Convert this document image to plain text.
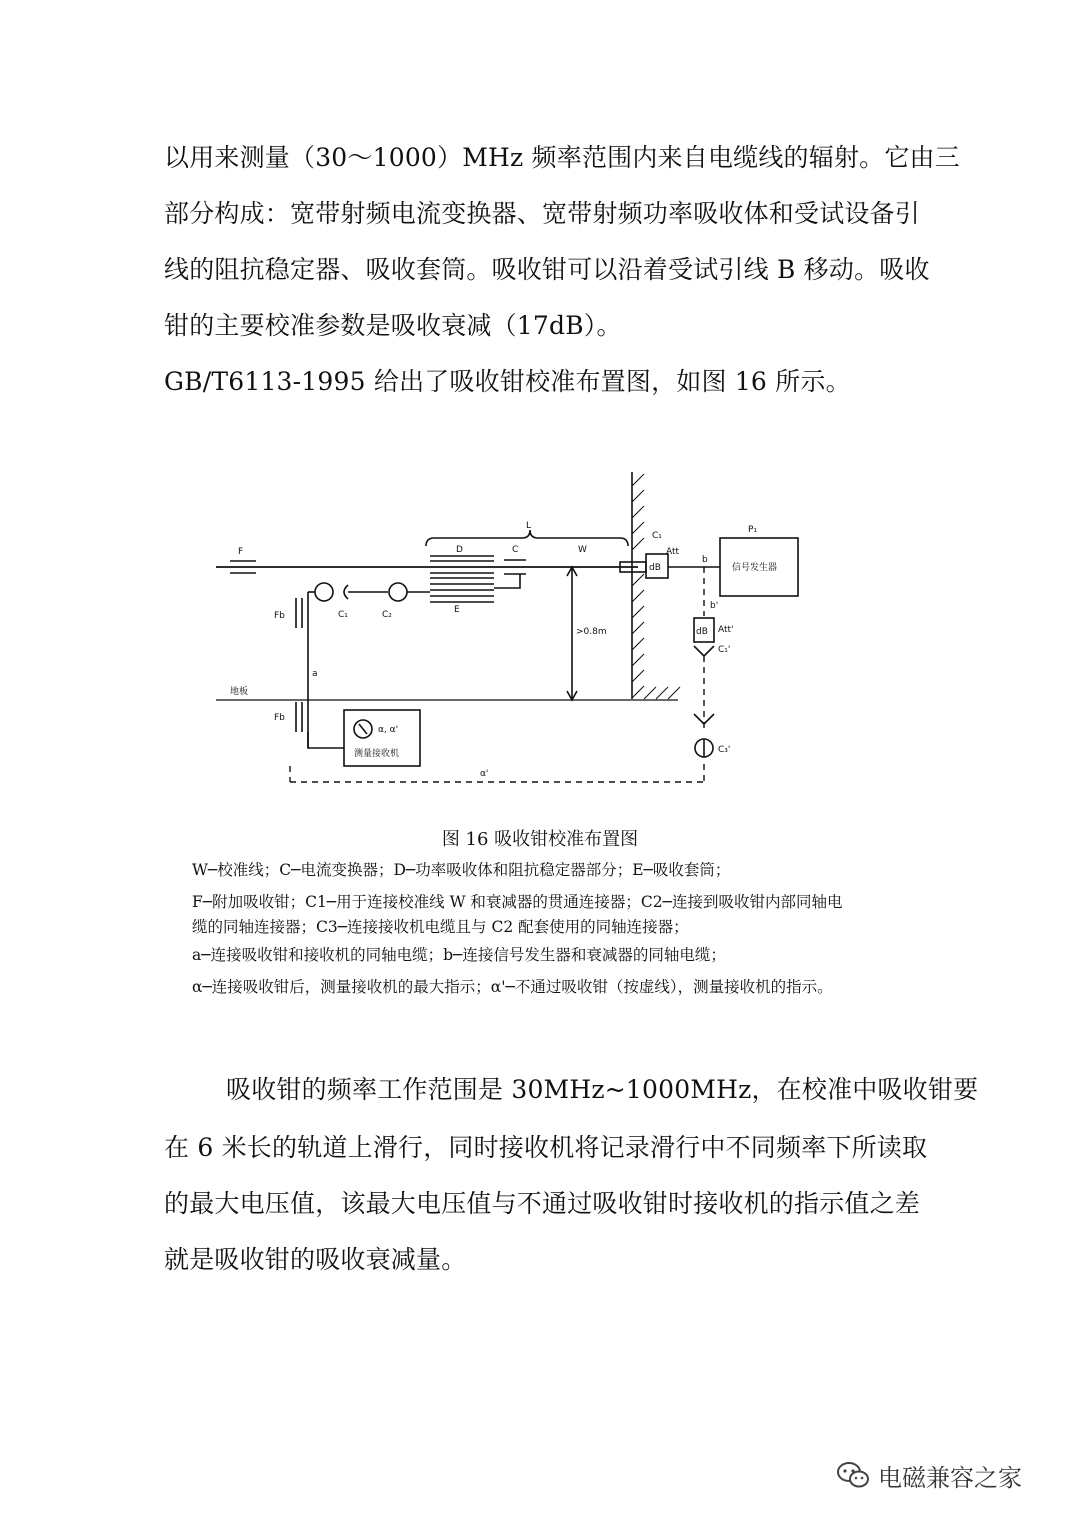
以用来测量（30～1000）MHz 频率范围内来自电缆线的辐射。它由三
部分构成：宽带射频电流变换器、宽带射频功率吸收体和受试设备引
线的阻抗稳定器、吸收套筒。吸收钳可以沿着受试引线 B 移动。吸收
钳的主要校准参数是吸收衰减（17dB）。
GB/T6113-1995 给出了吸收钳校准布置图，如图 16 所示。
F
Fb
Fb
C₁	C₂
D	C
E
W
L
a
α'
>0.8m
地板
C₁
Att
dB
b
b'
dB Att'
C₁'
C₃'
P₁
信号发生器
测量接收机
α, α'
图 16 吸收钳校准布置图
W─校准线；C─电流变换器；D─功率吸收体和阻抗稳定器部分；E─吸收套筒；
F─附加吸收钳；C1─用于连接校准线 W 和衰减器的贯通连接器；C2─连接到吸收钳内部同轴电
缆的同轴连接器；C3─连接接收机电缆且与 C2 配套使用的同轴连接器；
a─连接吸收钳和接收机的同轴电缆；b─连接信号发生器和衰减器的同轴电缆；
α─连接吸收钳后，测量接收机的最大指示；α'─不通过吸收钳（按虚线），测量接收机的指示。
吸收钳的频率工作范围是 30MHz~1000MHz，在校准中吸收钳要
在 6 米长的轨道上滑行，同时接收机将记录滑行中不同频率下所读取
的最大电压值，该最大电压值与不通过吸收钳时接收机的指示值之差
就是吸收钳的吸收衰减量。
电磁兼容之家
